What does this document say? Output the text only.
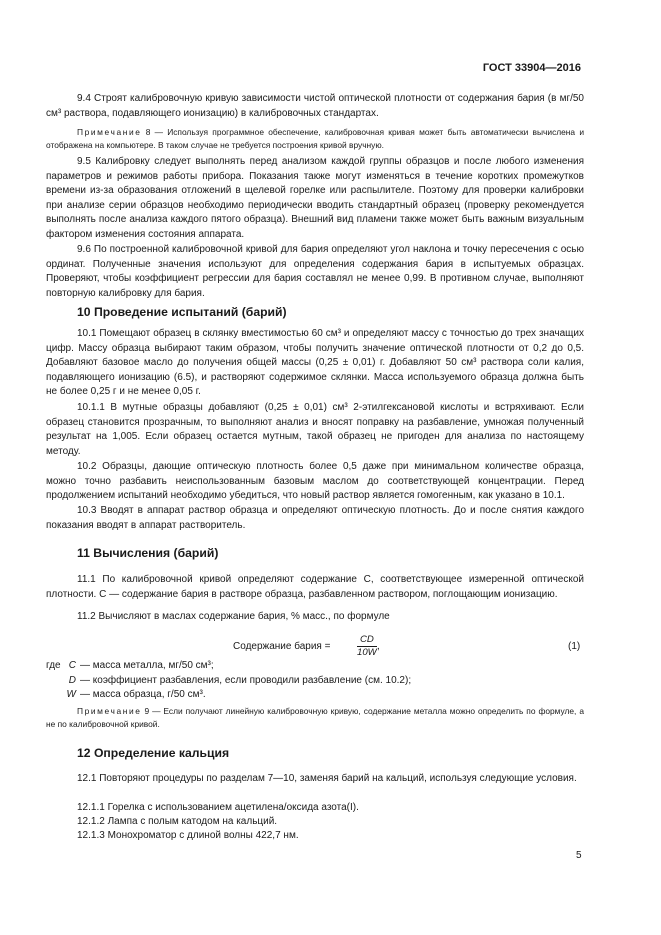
ГОСТ 33904—2016

9.4 Строят калибровочную кривую зависимости чистой оптической плотности от содержания бария (в мг/50 см³ раствора, подавляющего ионизацию) в калибровочных стандартах.

Примечание 8 — Используя программное обеспечение, калибровочная кривая может быть автоматически вычислена и отображена на компьютере. В таком случае не требуется построения кривой вручную.

9.5 Калибровку следует выполнять перед анализом каждой группы образцов и после любого изменения параметров и режимов работы прибора. Показания также могут изменяться в течение коротких промежутков времени из-за образования отложений в щелевой горелке или распылителе. Поэтому для проверки калибровки при анализе серии образцов необходимо периодически вводить стандартный образец (проверку рекомендуется выполнять после анализа каждого пятого образца). Внешний вид пламени также может быть важным визуальным фактором изменения состояния аппарата.

9.6 По построенной калибровочной кривой для бария определяют угол наклона и точку пересечения с осью ординат. Полученные значения используют для определения содержания бария в испытуемых образцах. Проверяют, чтобы коэффициент регрессии для бария составлял не менее 0,99. В противном случае, выполняют повторную калибровку для бария.

10 Проведение испытаний (барий)

10.1 Помещают образец в склянку вместимостью 60 см³ и определяют массу с точностью до трех значащих цифр. Массу образца выбирают таким образом, чтобы получить значение оптической плотности от 0,2 до 0,5. Добавляют базовое масло до получения общей массы (0,25 ± 0,01) г. Добавляют 50 см³ раствора соли калия, подавляющего ионизацию (6.5), и растворяют содержимое склянки. Масса используемого образца должна быть не более 0,25 г и не менее 0,05 г.

10.1.1 В мутные образцы добавляют (0,25 ± 0,01) см³ 2-этилгексановой кислоты и встряхивают. Если образец становится прозрачным, то выполняют анализ и вносят поправку на разбавление, умножая полученный результат на 1,005. Если образец остается мутным, такой образец не пригоден для анализа по настоящему методу.

10.2 Образцы, дающие оптическую плотность более 0,5 даже при минимальном количестве образца, можно точно разбавить неиспользованным базовым маслом до соответствующей концентрации. Перед продолжением испытаний необходимо убедиться, что новый раствор является гомогенным, как указано в 10.1.

10.3 Вводят в аппарат раствор образца и определяют оптическую плотность. До и после снятия каждого показания вводят в аппарат растворитель.

11 Вычисления (барий)

11.1 По калибровочной кривой определяют содержание C, соответствующее измеренной оптической плотности. C — содержание бария в растворе образца, разбавленном раствором, поглощающим ионизацию.

11.2 Вычисляют в маслах содержание бария, % масс., по формуле

Содержание бария =	$\frac{CD}{10W}$ ,	(1)
где C — масса металла, мг/50 см³;
D — коэффициент разбавления, если проводили разбавление (см. 10.2);
W — масса образца, г/50 см³.

Примечание 9 — Если получают линейную калибровочную кривую, содержание металла можно определить по формуле, а не по калибровочной кривой.

12 Определение кальция

12.1 Повторяют процедуры по разделам 7—10, заменяя барий на кальций, используя следующие условия.

12.1.1 Горелка с использованием ацетилена/оксида азота(I).

12.1.2 Лампа с полым катодом на кальций.

12.1.3 Монохроматор с длиной волны 422,7 нм.

5
